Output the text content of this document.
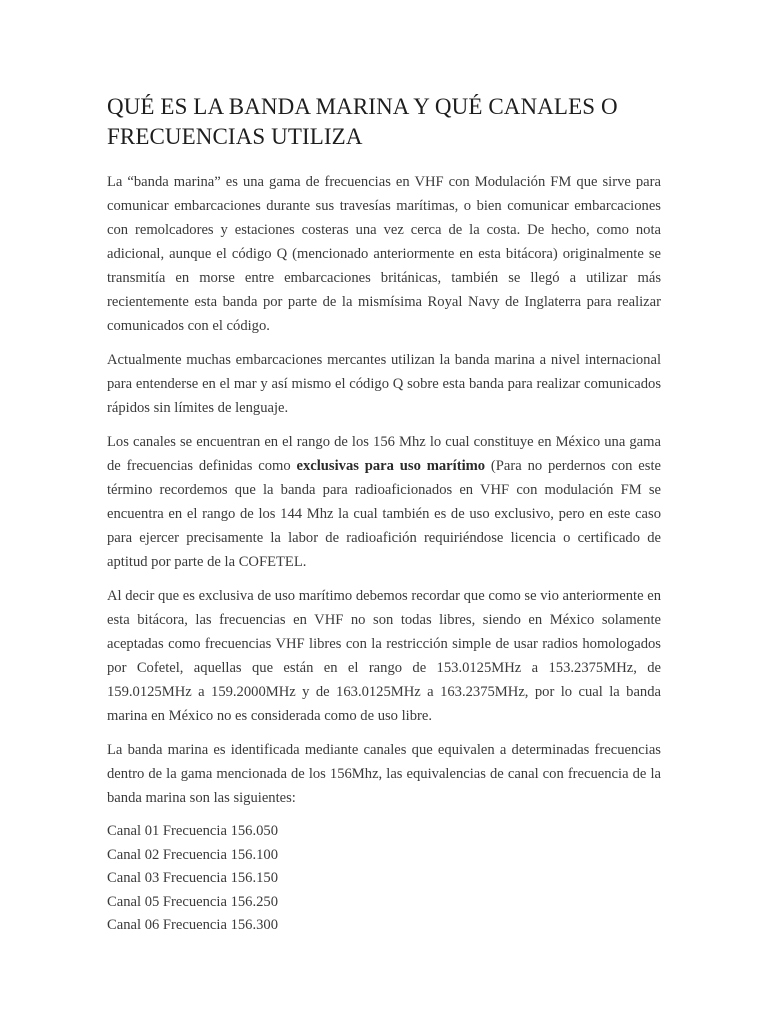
QUÉ ES LA BANDA MARINA Y QUÉ CANALES O FRECUENCIAS UTILIZA

La “banda marina” es una gama de frecuencias en VHF con Modulación FM que sirve para comunicar embarcaciones durante sus travesías marítimas, o bien comunicar embarcaciones con remolcadores y estaciones costeras una vez cerca de la costa. De hecho, como nota adicional, aunque el código Q (mencionado anteriormente en esta bitácora) originalmente se transmitía en morse entre embarcaciones británicas, también se llegó a utilizar más recientemente esta banda por parte de la mismísima Royal Navy de Inglaterra para realizar comunicados con el código.

Actualmente muchas embarcaciones mercantes utilizan la banda marina a nivel internacional para entenderse en el mar y así mismo el código Q sobre esta banda para realizar comunicados rápidos sin límites de lenguaje.

Los canales se encuentran en el rango de los 156 Mhz lo cual constituye en México una gama de frecuencias definidas como exclusivas para uso marítimo (Para no perdernos con este término recordemos que la banda para radioaficionados en VHF con modulación FM se encuentra en el rango de los 144 Mhz la cual también es de uso exclusivo, pero en este caso para ejercer precisamente la labor de radioafición requiriéndose licencia o certificado de aptitud por parte de la COFETEL.

Al decir que es exclusiva de uso marítimo debemos recordar que como se vio anteriormente en esta bitácora, las frecuencias en VHF no son todas libres, siendo en México solamente aceptadas como frecuencias VHF libres con la restricción simple de usar radios homologados por Cofetel, aquellas que están en el rango de 153.0125MHz a 153.2375MHz, de 159.0125MHz a 159.2000MHz y de 163.0125MHz a 163.2375MHz, por lo cual la banda marina en México no es considerada como de uso libre.

La banda marina es identificada mediante canales que equivalen a determinadas frecuencias dentro de la gama mencionada de los 156Mhz, las equivalencias de canal con frecuencia de la banda marina son las siguientes:

Canal 01 Frecuencia 156.050
Canal 02 Frecuencia 156.100
Canal 03 Frecuencia 156.150
Canal 05 Frecuencia 156.250
Canal 06 Frecuencia 156.300
